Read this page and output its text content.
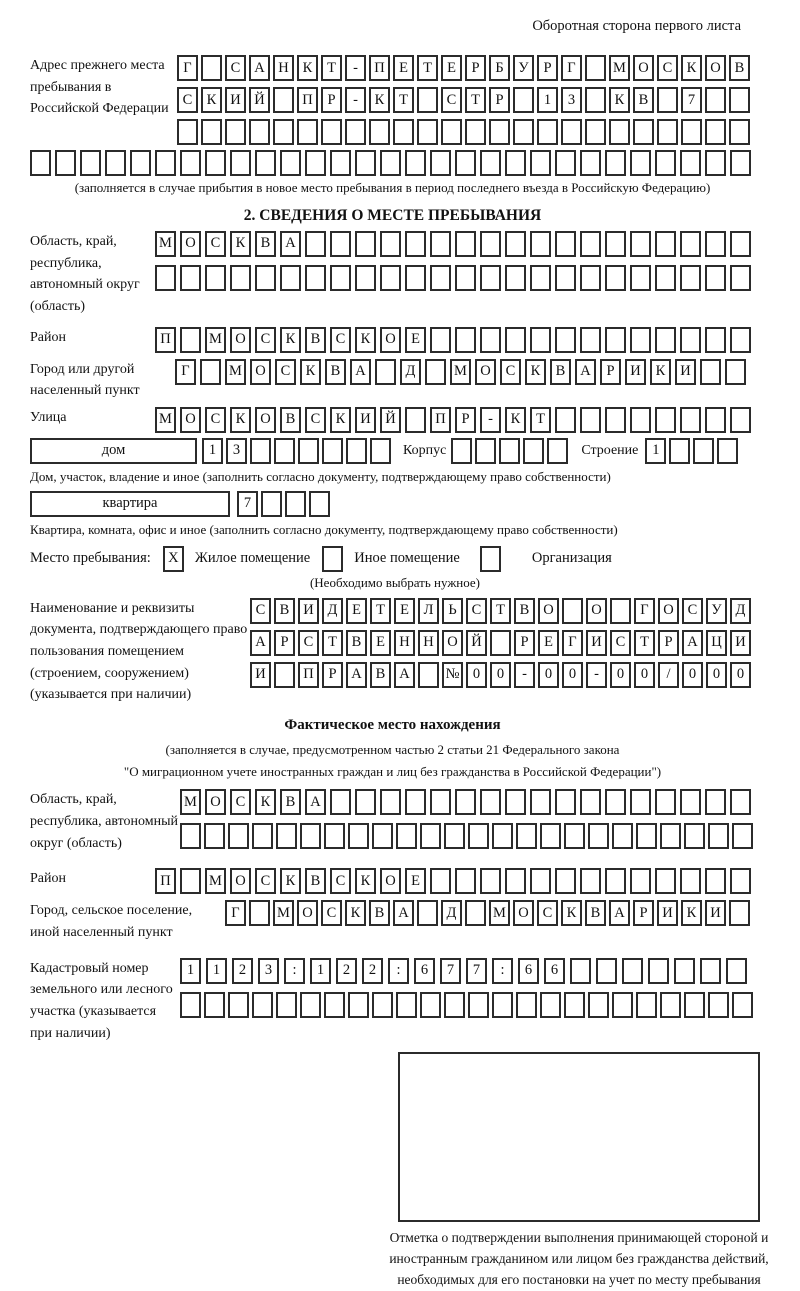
Оборотная сторона первого листа
Адрес прежнего места пребывания в Российской Федерации
Г	С А Н К	Т	-	П Е	Т	Е	Р	Б	У	Р	Г	М О С К О В
С К И Й	П	Р	-	К	Т	С	Т	Р	1	3	К В	7
(заполняется в случае прибытия в новое место пребывания в период последнего въезда в Российскую Федерацию)
2. СВЕДЕНИЯ О МЕСТЕ ПРЕБЫВАНИЯ
Область, край, республика, автономный округ (область)
М О	С	К	В	А
Район	П	М О	С	К	В	С	К	О	Е
Город или другой населенный пункт
Г	М О	С	К	В	А	Д	М О	С	К	В	А	Р	И	К	И
Улица	М О	С	К	О	В	С	К	И	Й	П	Р	-	К	Т
дом	1	3	Корпус	Строение 1
Дом, участок, владение и иное (заполнить согласно документу, подтверждающему право собственности)
квартира	7
Квартира, комната, офис и иное (заполнить согласно документу, подтверждающему право собственности)
Место пребывания:	X	Жилое помещение	Иное помещение	Организация
(Необходимо выбрать нужное)
Наименование и реквизиты документа, подтверждающего право пользования помещением (строением, сооружением) (указывается при наличии)
С В И Д	Е	Т	Е	Л	Ь	С	Т	В О	О	Г	О С У Д
А	Р	С	Т	В	Е Н Н О Й	Р	Е	Г	И С	Т	Р	А Ц И
И	П	Р	А В А	№ 0	0	-	0	0	-	0	0	/	0	0	0
Фактическое место нахождения
(заполняется в случае, предусмотренном частью 2 статьи 21 Федерального закона
"О миграционном учете иностранных граждан и лиц без гражданства в Российской Федерации")
Область, край, республика, автономный округ (область)
М О	С	К	В	А
Район	П	М О	С	К	В	С	К	О	Е
Город, сельское поселение, иной населенный пункт
Г	М О С К В А	Д	М О С К В А	Р	И К И
Кадастровый номер земельного или лесного участка (указывается при наличии)
1	1	2	3	:	1	2	2	:	6	7	7	:	6	6
Отметка о подтверждении выполнения принимающей стороной и иностранным гражданином или лицом без гражданства действий, необходимых для его постановки на учет по месту пребывания
